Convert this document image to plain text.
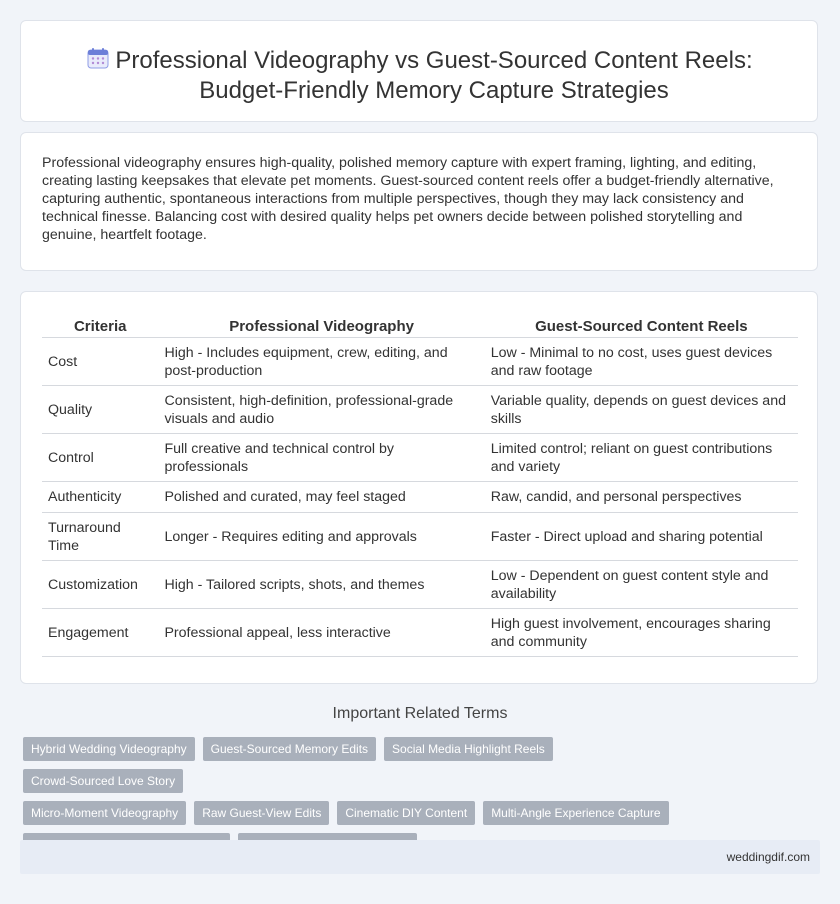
Professional Videography vs Guest-Sourced Content Reels:
Budget-Friendly Memory Capture Strategies

Professional videography ensures high-quality, polished memory capture with expert framing, lighting, and editing, creating lasting keepsakes that elevate pet moments. Guest-sourced content reels offer a budget-friendly alternative, capturing authentic, spontaneous interactions from multiple perspectives, though they may lack consistency and technical finesse. Balancing cost with desired quality helps pet owners decide between polished storytelling and genuine, heartfelt footage.

Criteria	Professional Videography	Guest-Sourced Content Reels
Cost	High - Includes equipment, crew, editing, and post-production	Low - Minimal to no cost, uses guest devices and raw footage
Quality	Consistent, high-definition, professional-grade visuals and audio	Variable quality, depends on guest devices and skills
Control	Full creative and technical control by professionals	Limited control; reliant on guest contributions and variety
Authenticity	Polished and curated, may feel staged	Raw, candid, and personal perspectives
Turnaround Time	Longer - Requires editing and approvals	Faster - Direct upload and sharing potential
Customization	High - Tailored scripts, shots, and themes	Low - Dependent on guest content style and availability
Engagement	Professional appeal, less interactive	High guest involvement, encourages sharing and community
Important Related Terms
Hybrid Wedding Videography	Guest-Sourced Memory Edits	Social Media Highlight Reels
Crowd-Sourced Love Story
Micro-Moment Videography	Raw Guest-View Edits	Cinematic DIY Content	Multi-Angle Experience Capture
weddingdif.com
